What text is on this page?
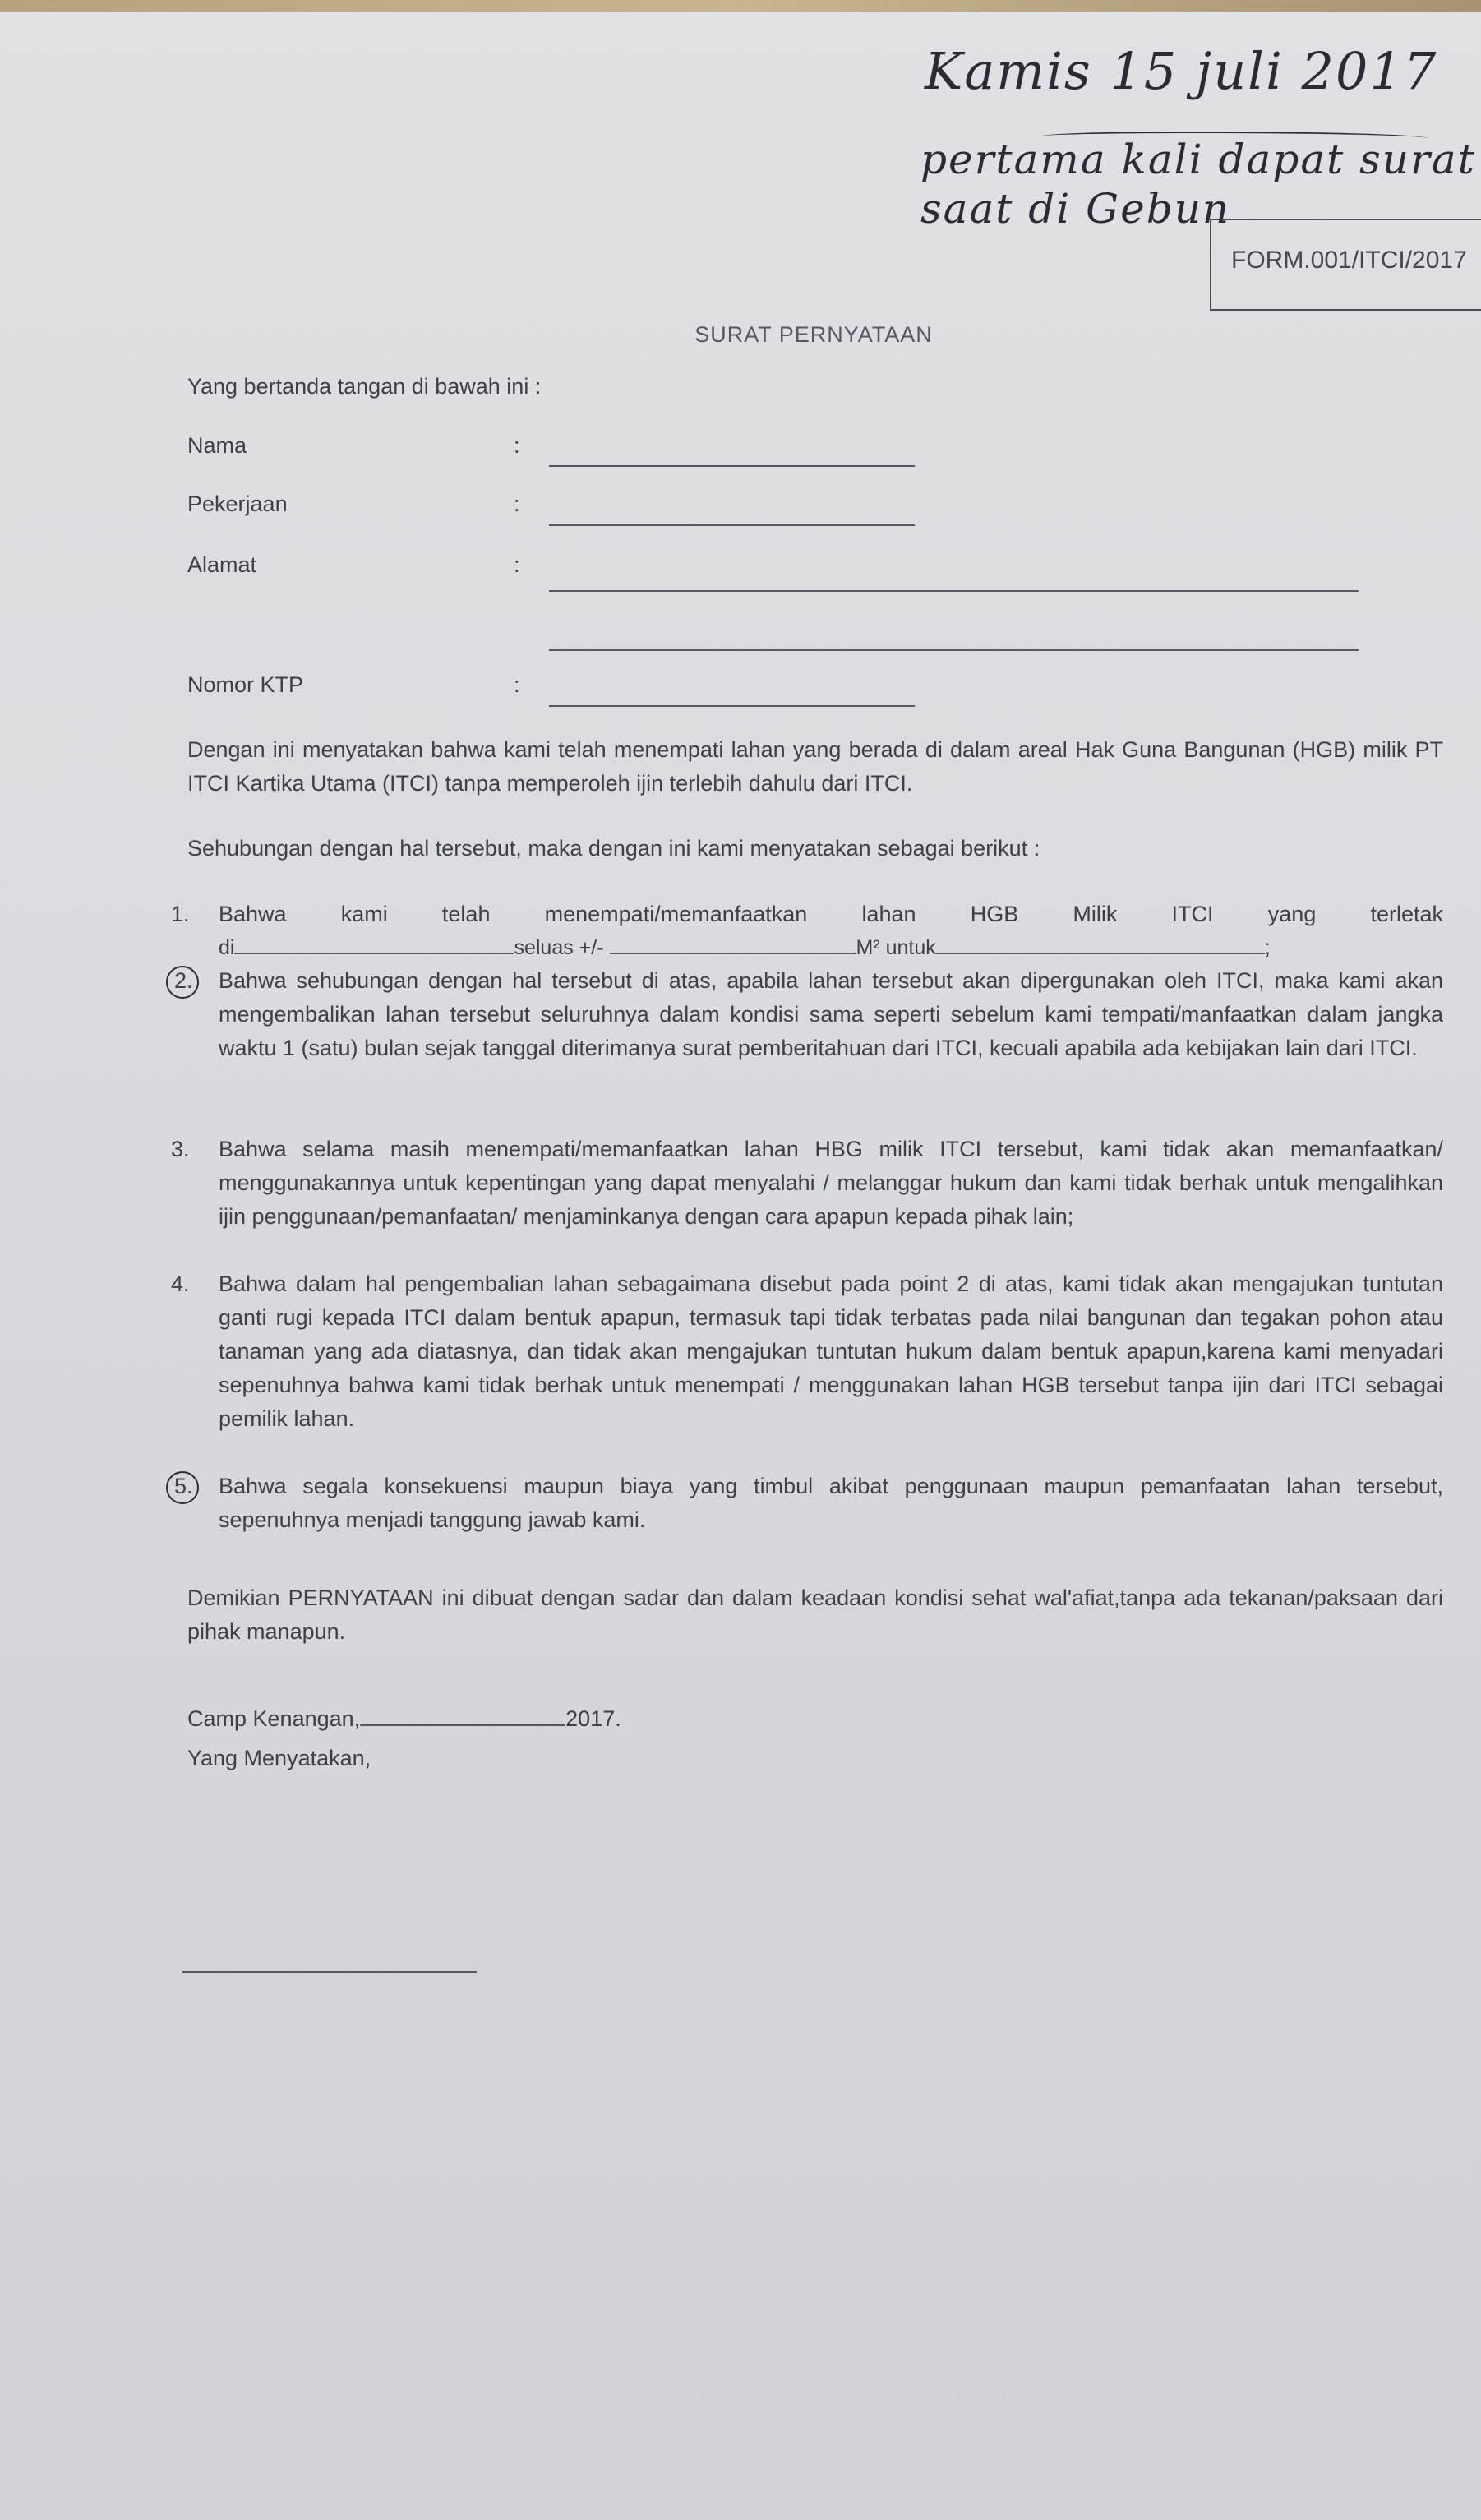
Kamis 15 juli 2017
pertama kali dapat surat
saat di Gebun
FORM.001/ITCI/2017
SURAT PERNYATAAN
Yang bertanda tangan di bawah ini :
Nama	:
Pekerjaan	:
Alamat	:
Nomor KTP	:
Dengan ini menyatakan bahwa kami telah menempati lahan yang berada di dalam areal Hak Guna Bangunan (HGB) milik PT ITCI Kartika Utama (ITCI) tanpa memperoleh ijin terlebih dahulu dari ITCI.
Sehubungan dengan hal tersebut, maka dengan ini kami menyatakan sebagai berikut :
1. Bahwa kami telah menempati/memanfaatkan lahan HGB Milik ITCI yang terletak
di	seluas +/-	M² untuk	;
2. Bahwa sehubungan dengan hal tersebut di atas, apabila lahan tersebut akan dipergunakan oleh ITCI, maka kami akan mengembalikan lahan tersebut seluruhnya dalam kondisi sama seperti sebelum kami tempati/manfaatkan dalam jangka waktu 1 (satu) bulan sejak tanggal diterimanya surat pemberitahuan dari ITCI, kecuali apabila ada kebijakan lain dari ITCI.
3. Bahwa selama masih menempati/memanfaatkan lahan HBG milik ITCI tersebut, kami tidak akan memanfaatkan/ menggunakannya untuk kepentingan yang dapat menyalahi / melanggar hukum dan kami tidak berhak untuk mengalihkan ijin penggunaan/pemanfaatan/ menjaminkanya dengan cara apapun kepada pihak lain;
4. Bahwa dalam hal pengembalian lahan sebagaimana disebut pada point 2 di atas, kami tidak akan mengajukan tuntutan ganti rugi kepada ITCI dalam bentuk apapun, termasuk tapi tidak terbatas pada nilai bangunan dan tegakan pohon atau tanaman yang ada diatasnya, dan tidak akan mengajukan tuntutan hukum dalam bentuk apapun,karena kami menyadari sepenuhnya bahwa kami tidak berhak untuk menempati / menggunakan lahan HGB tersebut tanpa ijin dari ITCI sebagai pemilik lahan.
5. Bahwa segala konsekuensi maupun biaya yang timbul akibat penggunaan maupun pemanfaatan lahan tersebut, sepenuhnya menjadi tanggung jawab kami.
Demikian PERNYATAAN ini dibuat dengan sadar dan dalam keadaan kondisi sehat wal'afiat,tanpa ada tekanan/paksaan dari pihak manapun.
Camp Kenangan,	2017.
Yang Menyatakan,
